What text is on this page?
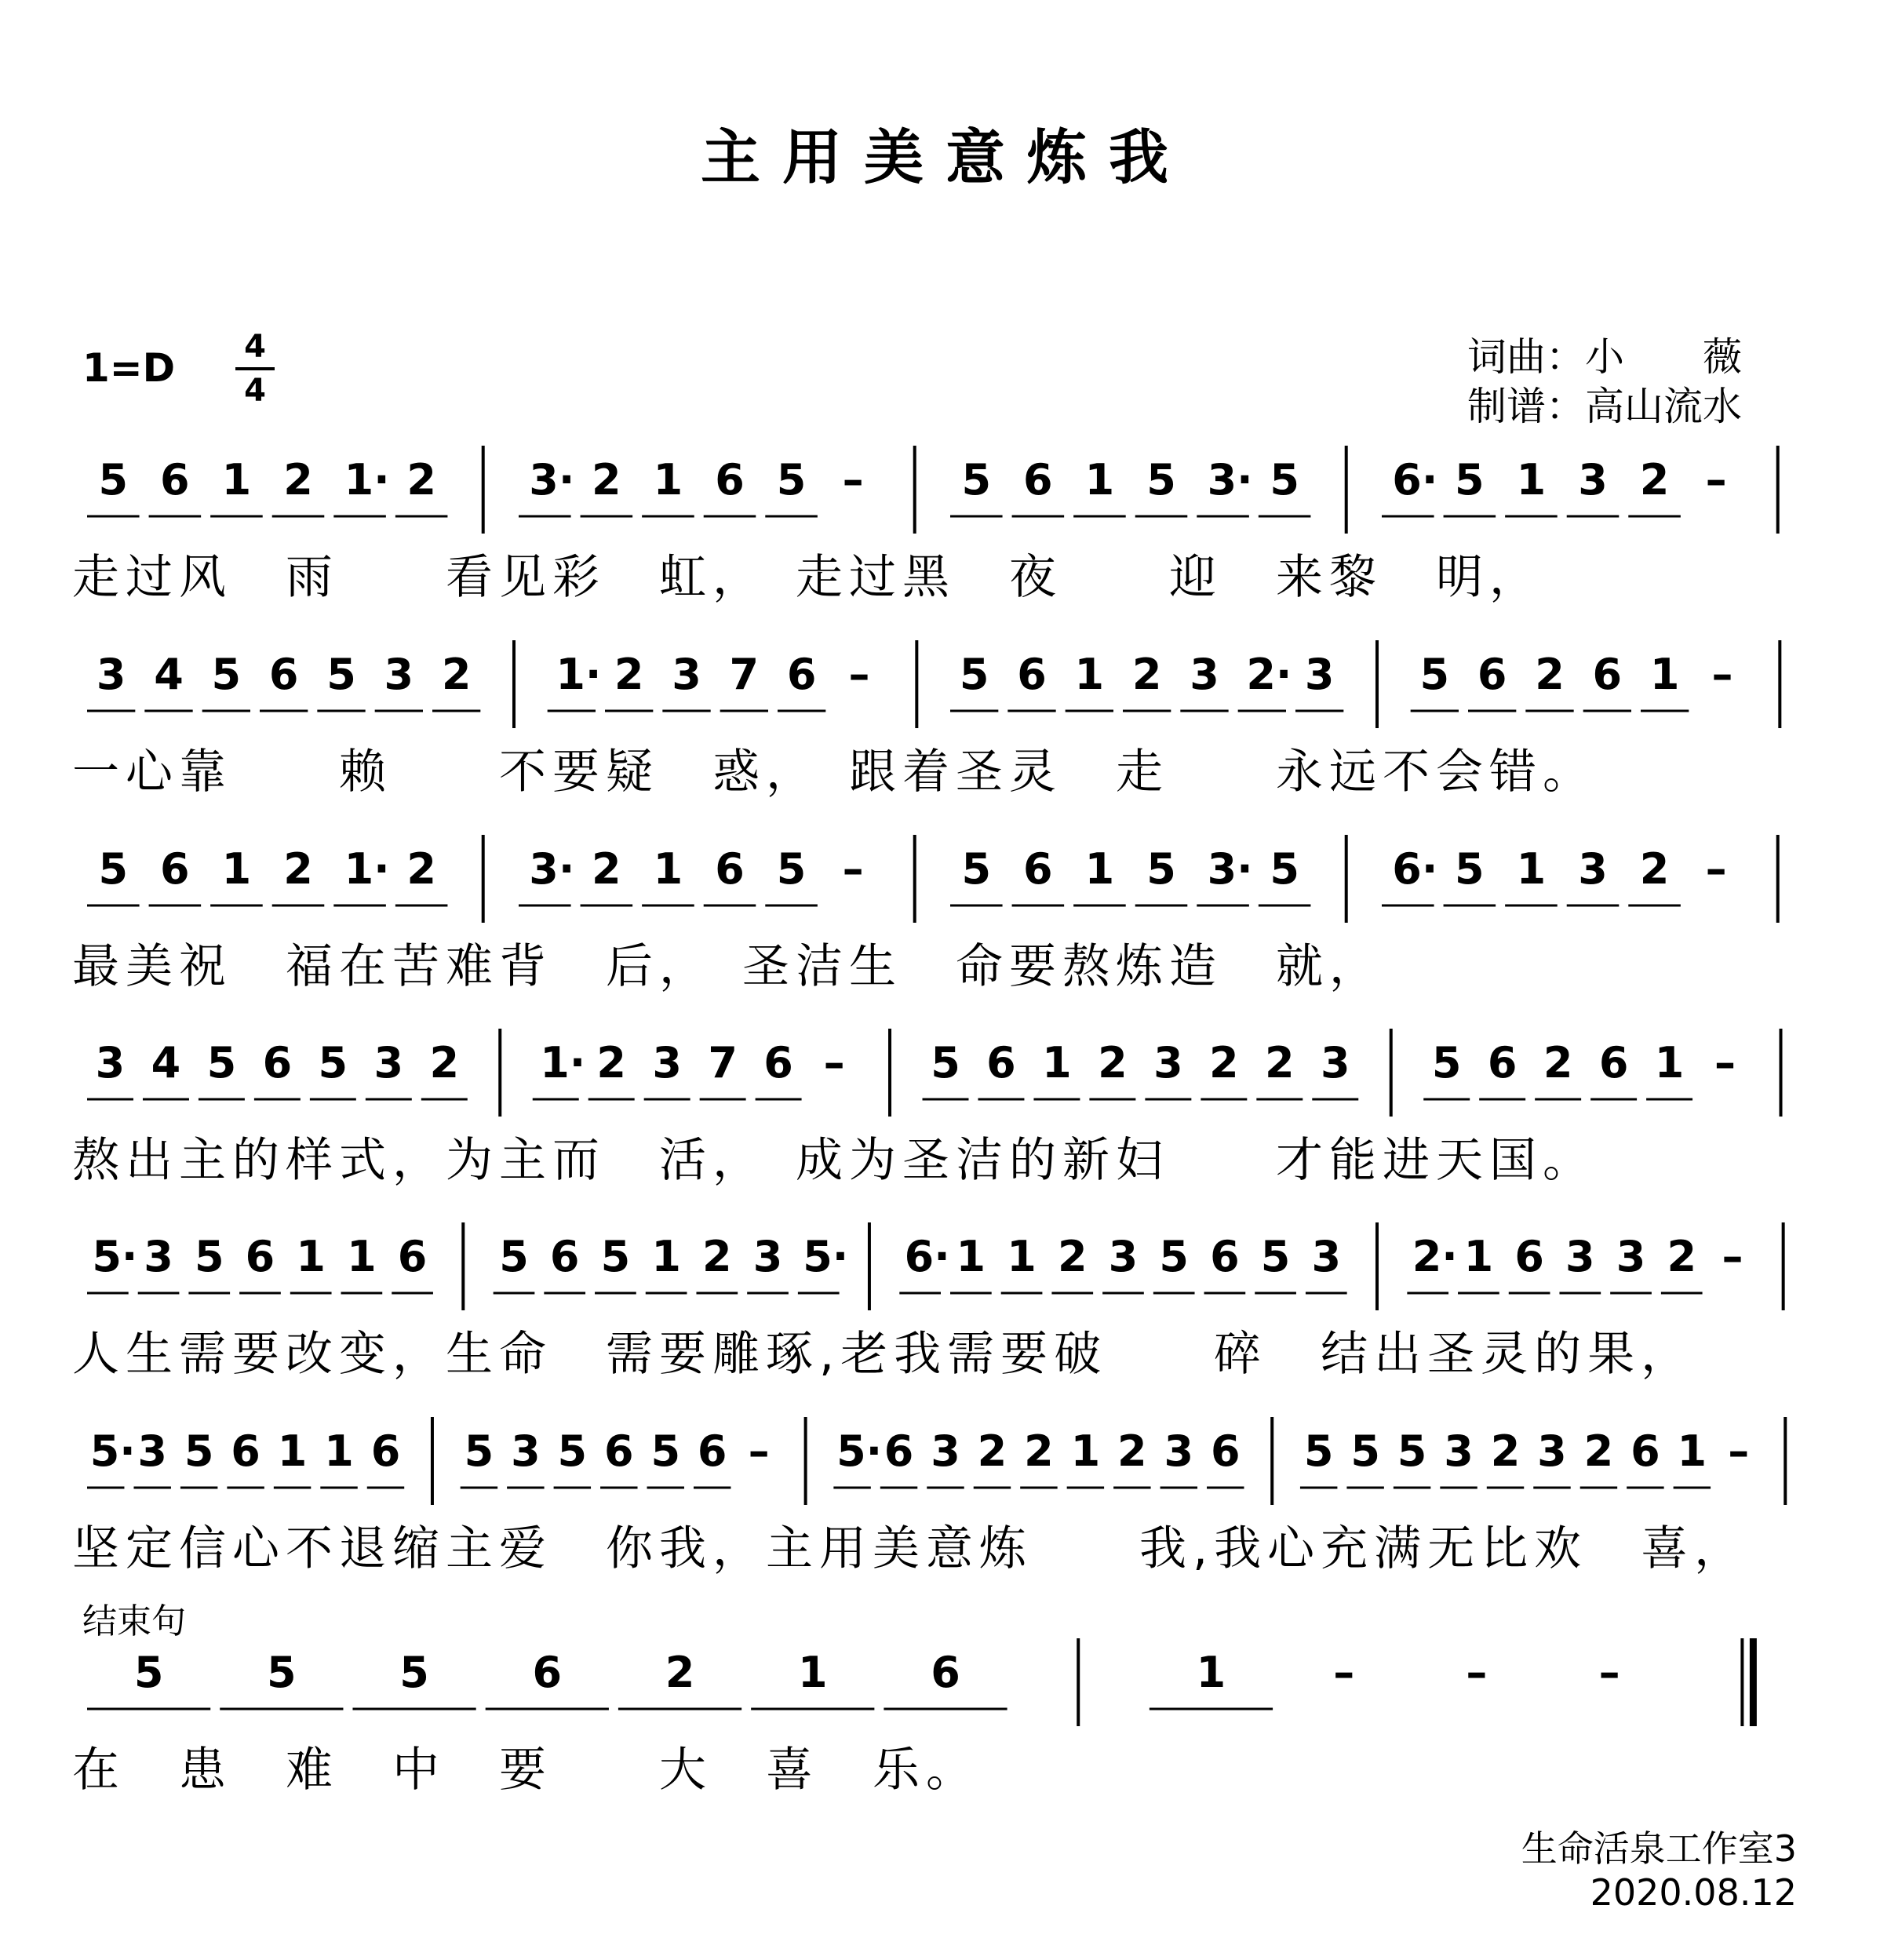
主用美意炼我
1=D 4
4
词曲：小　　薇
制谱：高山流水
5 6 1 2 1· 2 3· 2 1 6 5 – 5 6 1 5 3· 5 6· 5 1 3 2 –
走过风　雨　　看见彩　虹，　走过黑　夜　　迎　来黎　明，
3 4 5 6 5 3 2 1· 2 3 7 6 – 5 6 1 2 3 2· 3 5 6 2 6 1 –
一心靠　　赖　　不要疑　惑，　跟着圣灵　走　　永远不会错。
5 6 1 2 1· 2 3· 2 1 6 5 – 5 6 1 5 3· 5 6· 5 1 3 2 –
最美祝　福在苦难背　后，　圣洁生　命要熬炼造　就，
3 4 5 6 5 3 2 1· 2 3 7 6 – 5 6 1 2 3 2 2 3 5 6 2 6 1 –
熬出主的样式，为主而　活，　成为圣洁的新妇　　才能进天国。
5· 3 5 6 1 1 6 5 6 5 1 2 3 5· 6· 1 1 2 3 5 6 5 3 2· 1 6 3 3 2 –
人生需要改变，生命　需要雕琢,老我需要破　　碎　结出圣灵的果，
5· 3 5 6 1 1 6 5 3 5 6 5 6 – 5· 6 3 2 2 1 2 3 6 5 5 5 3 2 3 2 6 1 –
坚定信心不退缩主爱　你我，主用美意炼　　我,我心充满无比欢　喜，
5 5 5 6 2 1 6	1	–	–	–
在　患　难　中　要　　大　喜　乐。
结束句
生命活泉工作室3
2020.08.12
